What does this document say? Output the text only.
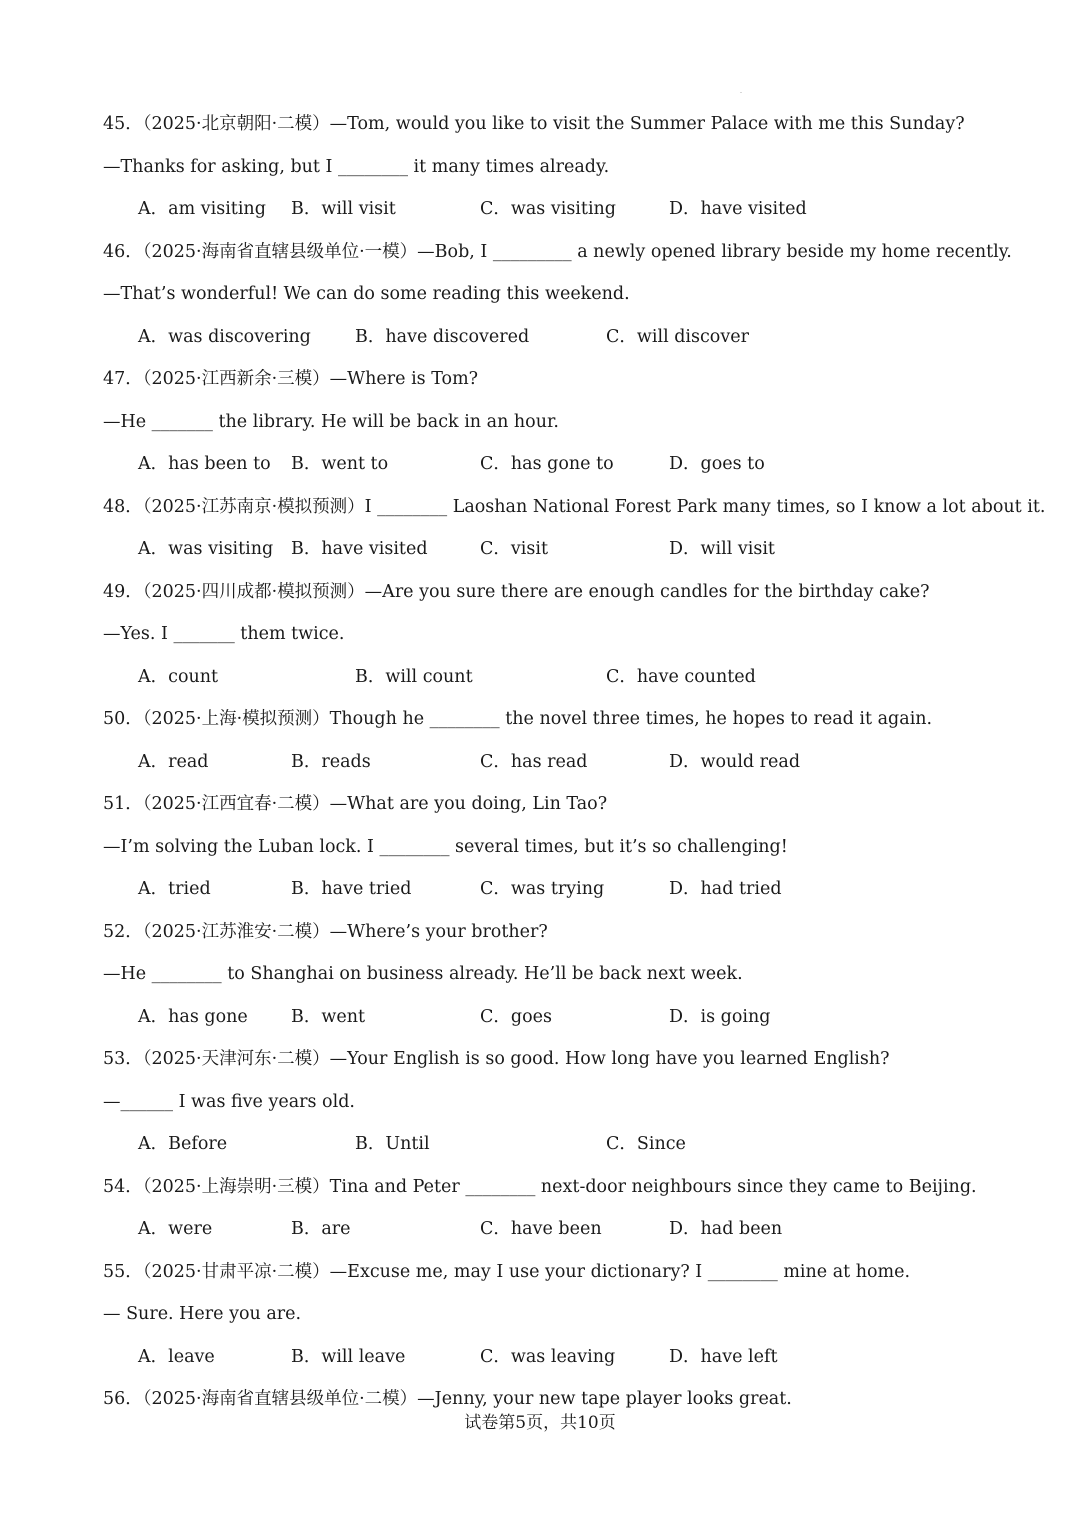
45．（2025·北京朝阳·二模）—Tom, would you like to visit the Summer Palace with me this Sunday?
—Thanks for asking, but I ________ it many times already.
A．am visiting B．will visit	C．was visiting	D．have visited
46．（2025·海南省直辖县级单位·一模）—Bob, I _________ a newly opened library beside my home recently.
—That’s wonderful! We can do some reading this weekend.
A．was discovering	B．have discovered	C．will discover
47．（2025·江西新余·三模）—Where is Tom?
—He _______ the library. He will be back in an hour.
A．has been to B．went to	C．has gone to	D．goes to
48．（2025·江苏南京·模拟预测）I ________ Laoshan National Forest Park many times, so I know a lot about it.
A．was visiting B．have visited	C．visit	D．will visit
49．（2025·四川成都·模拟预测）—Are you sure there are enough candles for the birthday cake?
—Yes. I _______ them twice.
A．count	B．will count	C．have counted
50．（2025·上海·模拟预测）Though he ________ the novel three times, he hopes to read it again.
A．read	B．reads	C．has read	D．would read
51．（2025·江西宜春·二模）—What are you doing, Lin Tao?
—I’m solving the Luban lock. I ________ several times, but it’s so challenging!
A．tried	B．have tried	C．was trying	D．had tried
52．（2025·江苏淮安·二模）—Where’s your brother?
—He ________ to Shanghai on business already. He’ll be back next week.
A．has gone B．went	C．goes	D．is going
53．（2025·天津河东·二模）—Your English is so good. How long have you learned English?
—______ I was five years old.
A．Before	B．Until	C．Since
54．（2025·上海崇明·三模）Tina and Peter ________ next-door neighbours since they came to Beijing.
A．were	B．are	C．have been	D．had been
55．（2025·甘肃平凉·二模）—Excuse me, may I use your dictionary? I ________ mine at home.
— Sure. Here you are.
A．leave	B．will leave	C．was leaving	D．have left
56．（2025·海南省直辖县级单位·二模）—Jenny, your new tape player looks great.
试卷第5页，共10页
